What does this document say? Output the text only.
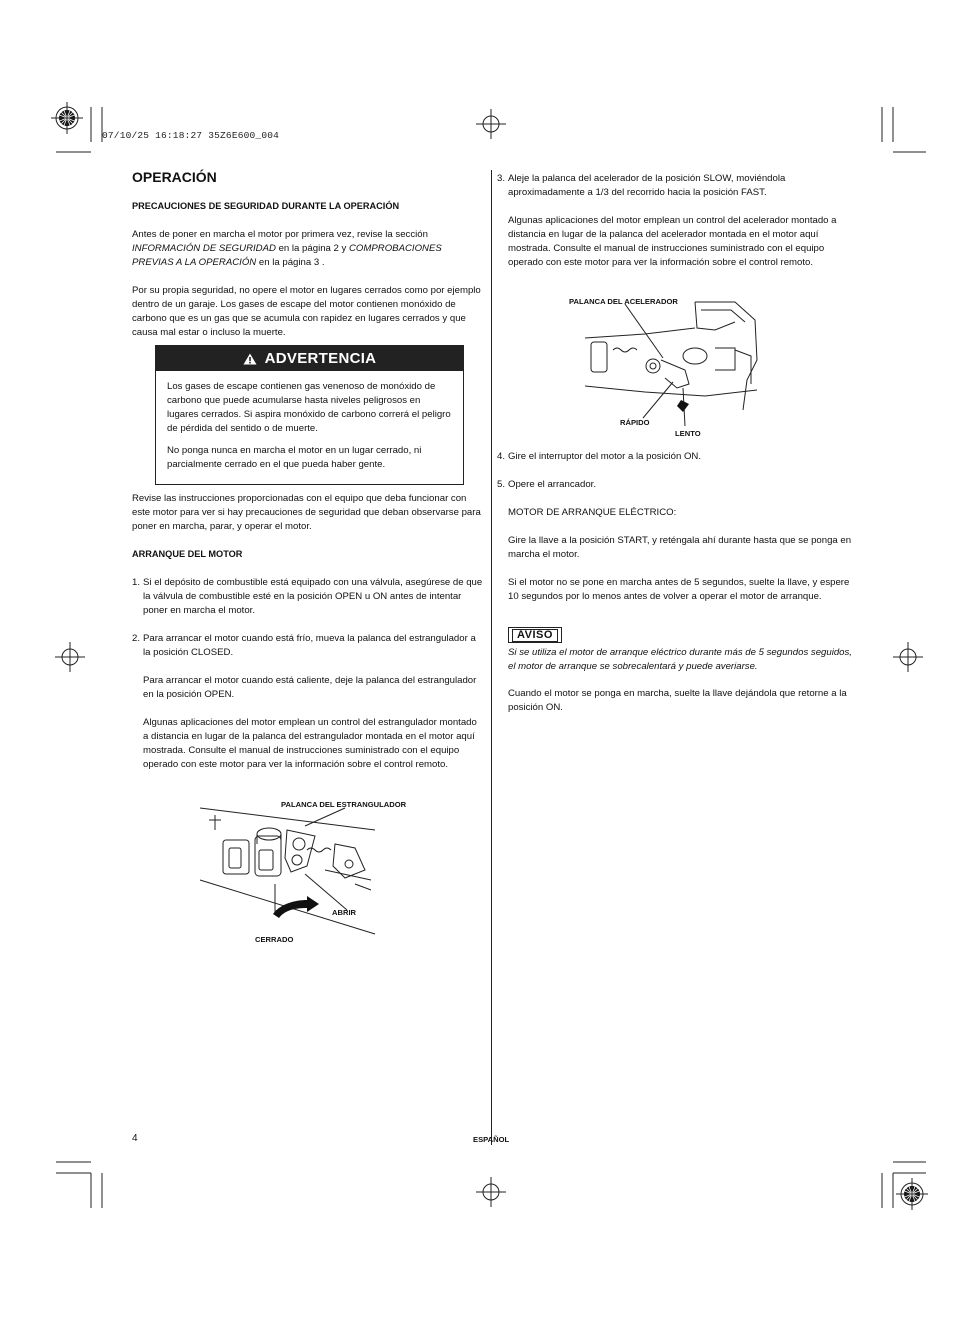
07/10/25 16:18:27 35Z6E600_004
OPERACIÓN
PRECAUCIONES DE SEGURIDAD DURANTE LA OPERACIÓN

Antes de poner en marcha el motor por primera vez, revise la sección
INFORMACIÓN DE SEGURIDAD en la página 2 y COMPROBACIONES
PREVIAS A LA OPERACIÓN en la página 3 .

Por su propia seguridad, no opere el motor en lugares cerrados como por ejemplo dentro de un garaje. Los gases de escape del motor contienen monóxido de carbono que es un gas que se acumula con rapidez en lugares cerrados y que causa mal estar o incluso la muerte.

ADVERTENCIA

Los gases de escape contienen gas venenoso de monóxido de carbono que puede acumularse hasta niveles peligrosos en lugares cerrados. Si aspira monóxido de carbono correrá el peligro de pérdida del sentido o de muerte.

No ponga nunca en marcha el motor en un lugar cerrado, ni parcialmente cerrado en el que pueda haber gente.

Revise las instrucciones proporcionadas con el equipo que deba funcionar con este motor para ver si hay precauciones de seguridad que deban observarse para poner en marcha, parar, y operar el motor.

ARRANQUE DEL MOTOR
1. Si el depósito de combustible está equipado con una válvula, asegúrese de que la válvula de combustible esté en la posición OPEN u ON antes de intentar poner en marcha el motor.

2. Para arrancar el motor cuando está frío, mueva la palanca del estrangulador a la posición CLOSED.

Para arrancar el motor cuando está caliente, deje la palanca del estrangulador en la posición OPEN.

Algunas aplicaciones del motor emplean un control del estrangulador montado a distancia en lugar de la palanca del estrangulador montada en el motor aquí mostrada. Consulte el manual de instrucciones suministrado con el equipo operado con este motor para ver la información sobre el control remoto.

PALANCA DEL ESTRANGULADOR
ABRIR
CERRADO
3. Aleje la palanca del acelerador de la posición SLOW, moviéndola aproximadamente a 1/3 del recorrido hacia la posición FAST.

Algunas aplicaciones del motor emplean un control del acelerador montado a distancia en lugar de la palanca del acelerador montada en el motor aquí mostrada. Consulte el manual de instrucciones suministrado con el equipo operado con este motor para ver la información sobre el control remoto.

PALANCA DEL ACELERADOR
RÁPIDO
LENTO
4. Gire el interruptor del motor a la posición ON.

5. Opere el arrancador.

MOTOR DE ARRANQUE ELÉCTRICO:

Gire la llave a la posición START, y reténgala ahí durante hasta que se ponga en marcha el motor.

Si el motor no se pone en marcha antes de 5 segundos, suelte la llave, y espere 10 segundos por lo menos antes de volver a operar el motor de arranque.

AVISO

Si se utiliza el motor de arranque eléctrico durante más de 5 segundos seguidos, el motor de arranque se sobrecalentará y puede averiarse.

Cuando el motor se ponga en marcha, suelte la llave dejándola que retorne a la posición ON.

4	ESPAÑOL
